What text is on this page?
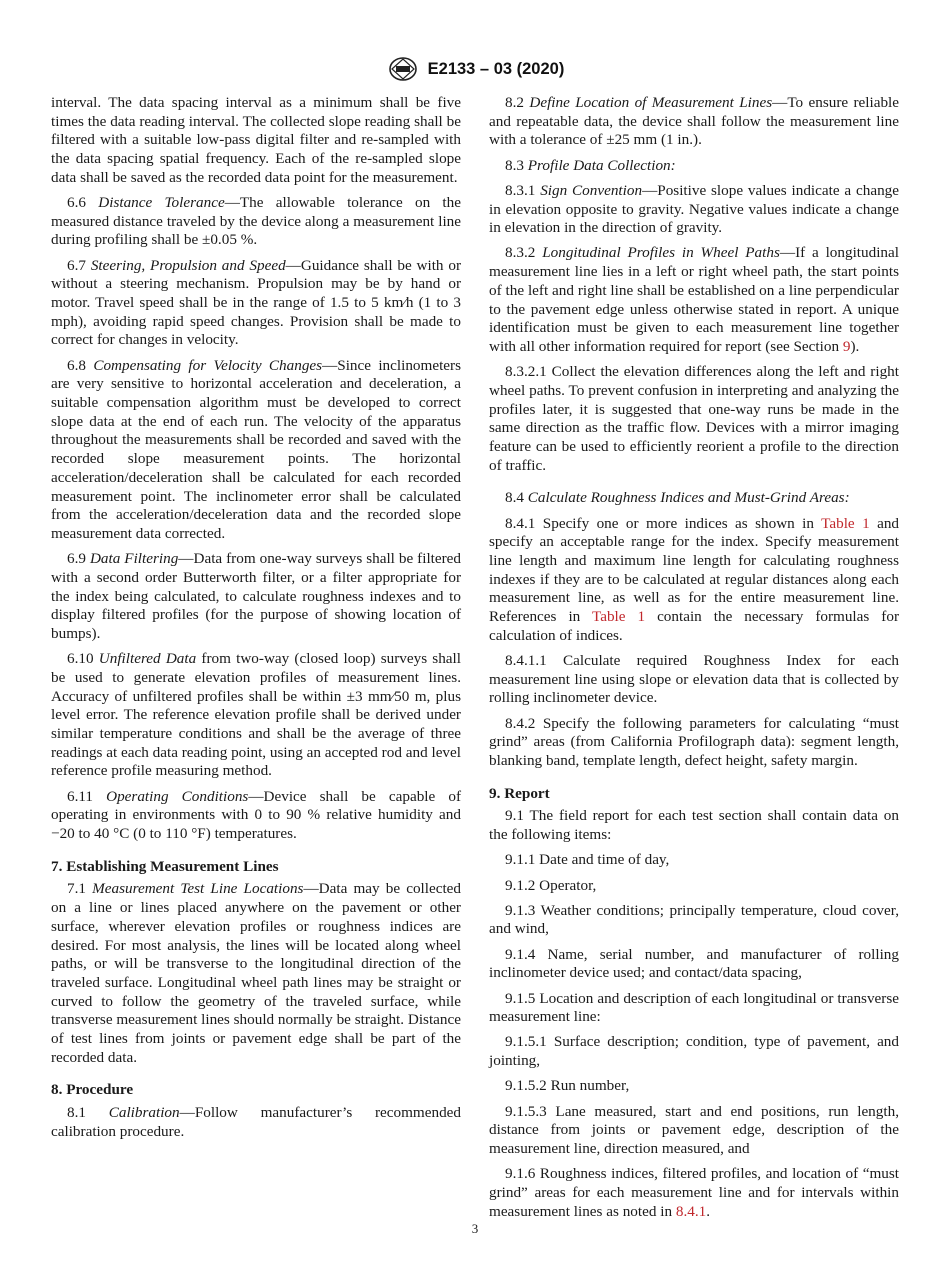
E2133 – 03 (2020)

interval. The data spacing interval as a minimum shall be five times the data reading interval. The collected slope reading shall be filtered with a suitable low-pass digital filter and re-sampled with the data spacing spatial frequency. Each of the re-sampled slope data shall be saved as the recorded data point for the measurement.

6.6 Distance Tolerance—The allowable tolerance on the measured distance traveled by the device along a measurement line during profiling shall be ±0.05 %.

6.7 Steering, Propulsion and Speed—Guidance shall be with or without a steering mechanism. Propulsion may be by hand or motor. Travel speed shall be in the range of 1.5 to 5 km⁄h (1 to 3 mph), avoiding rapid speed changes. Provision shall be made to correct for changes in velocity.

6.8 Compensating for Velocity Changes—Since inclinometers are very sensitive to horizontal acceleration and deceleration, a suitable compensation algorithm must be developed to correct slope data at the end of each run. The velocity of the apparatus throughout the measurements shall be recorded and saved with the recorded slope measurement points. The horizontal acceleration/deceleration shall be calculated for each recorded measurement point. The inclinometer error shall be calculated from the acceleration/deceleration data and the recorded slope measurement data corrected.

6.9 Data Filtering—Data from one-way surveys shall be filtered with a second order Butterworth filter, or a filter appropriate for the index being calculated, to calculate roughness indexes and to display filtered profiles (for the purpose of showing location of bumps).

6.10 Unfiltered Data from two-way (closed loop) surveys shall be used to generate elevation profiles of measurement lines. Accuracy of unfiltered profiles shall be within ±3 mm⁄50 m, plus level error. The reference elevation profile shall be derived under similar temperature conditions and shall be the average of three readings at each data reading point, using an accepted rod and level reference profile measuring method.

6.11 Operating Conditions—Device shall be capable of operating in environments with 0 to 90 % relative humidity and −20 to 40 °C (0 to 110 °F) temperatures.

7. Establishing Measurement Lines

7.1 Measurement Test Line Locations—Data may be collected on a line or lines placed anywhere on the pavement or other surface, wherever elevation profiles or roughness indices are desired. For most analysis, the lines will be located along wheel paths, or will be transverse to the longitudinal direction of the traveled surface. Longitudinal wheel path lines may be straight or curved to follow the geometry of the traveled surface, while transverse measurement lines should normally be straight. Distance of test lines from joints or pavement edge shall be part of the recorded data.

8. Procedure

8.1 Calibration—Follow manufacturer’s recommended calibration procedure.

8.2 Define Location of Measurement Lines—To ensure reliable and repeatable data, the device shall follow the measurement line with a tolerance of ±25 mm (1 in.).

8.3 Profile Data Collection:

8.3.1 Sign Convention—Positive slope values indicate a change in elevation opposite to gravity. Negative values indicate a change in elevation in the direction of gravity.

8.3.2 Longitudinal Profiles in Wheel Paths—If a longitudinal measurement line lies in a left or right wheel path, the start points of the left and right line shall be established on a line perpendicular to the pavement edge unless otherwise stated in report. A unique identification must be given to each measurement line together with all other information required for report (see Section 9).

8.3.2.1 Collect the elevation differences along the left and right wheel paths. To prevent confusion in interpreting and analyzing the profiles later, it is suggested that one-way runs be made in the same direction as the traffic flow. Devices with a mirror imaging feature can be used to efficiently reorient a profile to the direction of traffic.

8.4 Calculate Roughness Indices and Must-Grind Areas:

8.4.1 Specify one or more indices as shown in Table 1 and specify an acceptable range for the index. Specify measurement line length and maximum line length for calculating roughness indexes if they are to be calculated at regular distances along each measurement line, as well as for the entire measurement line. References in Table 1 contain the necessary formulas for calculation of indices.

8.4.1.1 Calculate required Roughness Index for each measurement line using slope or elevation data that is collected by rolling inclinometer device.

8.4.2 Specify the following parameters for calculating “must grind” areas (from California Profilograph data): segment length, blanking band, template length, defect height, safety margin.

9. Report

9.1 The field report for each test section shall contain data on the following items:

9.1.1 Date and time of day,

9.1.2 Operator,

9.1.3 Weather conditions; principally temperature, cloud cover, and wind,

9.1.4 Name, serial number, and manufacturer of rolling inclinometer device used; and contact/data spacing,

9.1.5 Location and description of each longitudinal or transverse measurement line:

9.1.5.1 Surface description; condition, type of pavement, and jointing,

9.1.5.2 Run number,

9.1.5.3 Lane measured, start and end positions, run length, distance from joints or pavement edge, description of the measurement line, direction measured, and

9.1.6 Roughness indices, filtered profiles, and location of “must grind” areas for each measurement line and for intervals within measurement lines as noted in 8.4.1.

3
